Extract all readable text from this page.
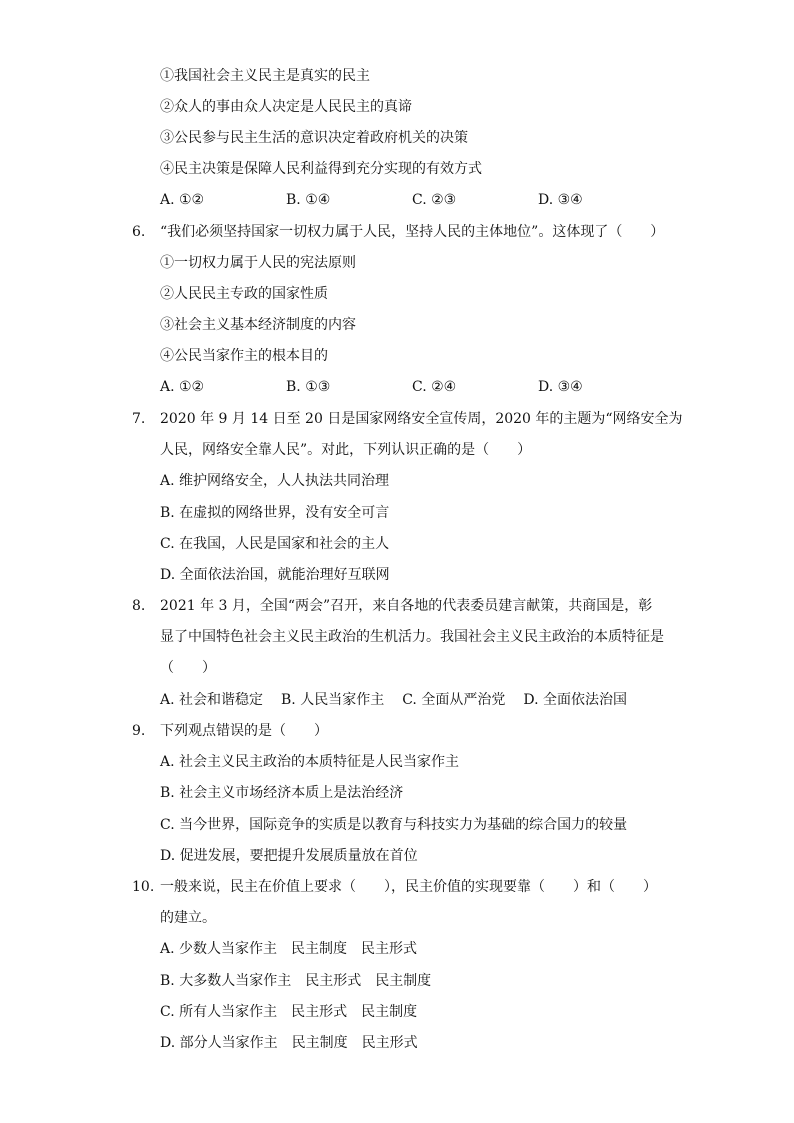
①我国社会主义民主是真实的民主
②众人的事由众人决定是人民民主的真谛
③公民参与民主生活的意识决定着政府机关的决策
④民主决策是保障人民利益得到充分实现的有效方式
A. ①②	B. ①④	C. ②③	D. ③④
6. “我们必须坚持国家一切权力属于人民，坚持人民的主体地位”。这体现了（　　）
①一切权力属于人民的宪法原则
②人民民主专政的国家性质
③社会主义基本经济制度的内容
④公民当家作主的根本目的
A. ①②	B. ①③	C. ②④	D. ③④
7. 2020 年 9 月 14 日至 20 日是国家网络安全宣传周，2020 年的主题为“网络安全为
人民，网络安全靠人民”。对此，下列认识正确的是（　　）
A. 维护网络安全，人人执法共同治理
B. 在虚拟的网络世界，没有安全可言
C. 在我国，人民是国家和社会的主人
D. 全面依法治国，就能治理好互联网
8. 2021 年 3 月，全国“两会”召开，来自各地的代表委员建言献策，共商国是，彰
显了中国特色社会主义民主政治的生机活力。我国社会主义民主政治的本质特征是
（　　）
A. 社会和谐稳定 B. 人民当家作主 C. 全面从严治党 D. 全面依法治国
9. 下列观点错误的是（　　）
A. 社会主义民主政治的本质特征是人民当家作主
B. 社会主义市场经济本质上是法治经济
C. 当今世界，国际竞争的实质是以教育与科技实力为基础的综合国力的较量
D. 促进发展，要把提升发展质量放在首位
10. 一般来说，民主在价值上要求（　　），民主价值的实现要靠（　　）和（　　）
的建立。
A. 少数人当家作主　民主制度　民主形式
B. 大多数人当家作主　民主形式　民主制度
C. 所有人当家作主　民主形式　民主制度
D. 部分人当家作主　民主制度　民主形式
